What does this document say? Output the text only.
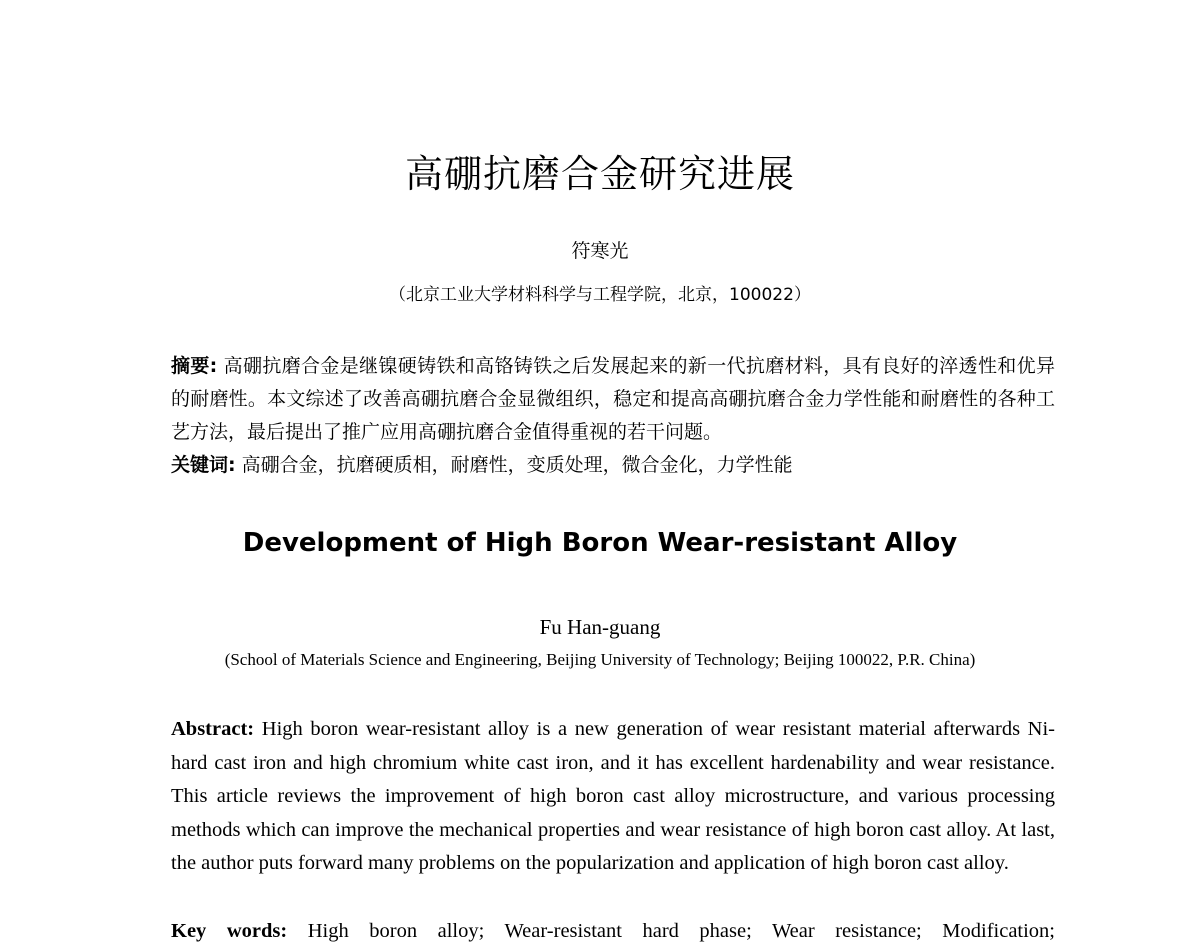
高硼抗磨合金研究进展
符寒光
（北京工业大学材料科学与工程学院，北京，100022）
摘要: 高硼抗磨合金是继镍硬铸铁和高铬铸铁之后发展起来的新一代抗磨材料，具有良好的淬透性和优异的耐磨性。本文综述了改善高硼抗磨合金显微组织，稳定和提高高硼抗磨合金力学性能和耐磨性的各种工艺方法，最后提出了推广应用高硼抗磨合金值得重视的若干问题。
关键词: 高硼合金，抗磨硬质相，耐磨性，变质处理，微合金化，力学性能
Development of High Boron Wear-resistant Alloy
Fu Han-guang
(School of Materials Science and Engineering, Beijing University of Technology; Beijing 100022, P.R. China)
Abstract: High boron wear-resistant alloy is a new generation of wear resistant material afterwards Ni-hard cast iron and high chromium white cast iron, and it has excellent hardenability and wear resistance. This article reviews the improvement of high boron cast alloy microstructure, and various processing methods which can improve the mechanical properties and wear resistance of high boron cast alloy. At last, the author puts forward many problems on the popularization and application of high boron cast alloy.
Key words: High boron alloy; Wear-resistant hard phase; Wear resistance; Modification;
